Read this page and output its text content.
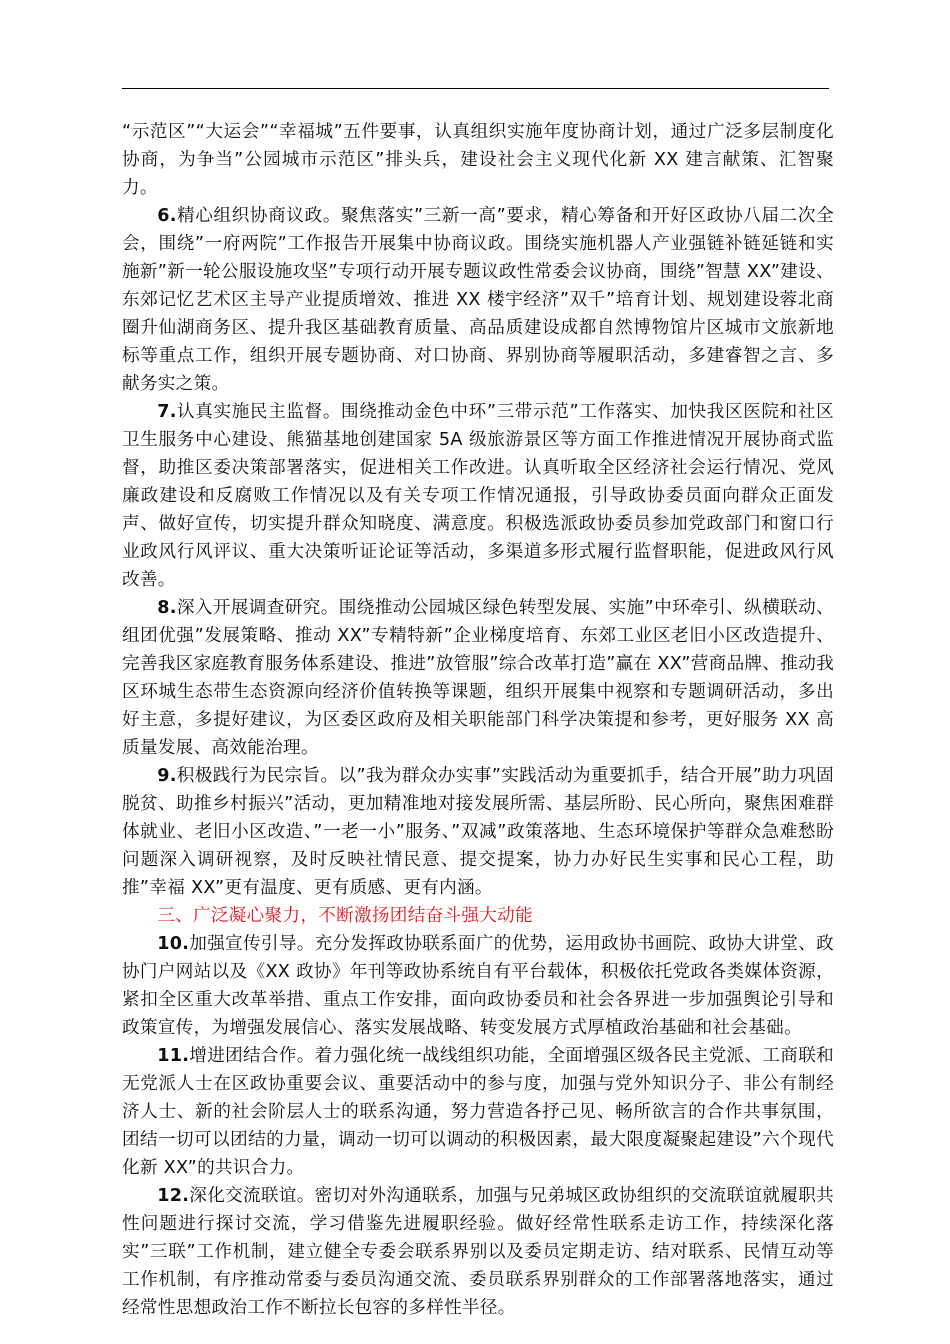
“示范区”“大运会”“幸福城”五件要事，认真组织实施年度协商计划，通过广泛多层制度化协商，为争当”公园城市示范区”排头兵，建设社会主义现代化新 XX 建言献策、汇智聚力。

6.精心组织协商议政。聚焦落实”三新一高”要求，精心筹备和开好区政协八届二次全会，围绕”一府两院”工作报告开展集中协商议政。围绕实施机器人产业强链补链延链和实施新”新一轮公服设施攻坚”专项行动开展专题议政性常委会议协商，围绕”智慧 XX”建设、东郊记忆艺术区主导产业提质增效、推进 XX 楼宇经济”双千”培育计划、规划建设蓉北商圈升仙湖商务区、提升我区基础教育质量、高品质建设成都自然博物馆片区城市文旅新地标等重点工作，组织开展专题协商、对口协商、界别协商等履职活动，多建睿智之言、多献务实之策。

7.认真实施民主监督。围绕推动金色中环”三带示范”工作落实、加快我区医院和社区卫生服务中心建设、熊猫基地创建国家 5A 级旅游景区等方面工作推进情况开展协商式监督，助推区委决策部署落实，促进相关工作改进。认真听取全区经济社会运行情况、党风廉政建设和反腐败工作情况以及有关专项工作情况通报，引导政协委员面向群众正面发声、做好宣传，切实提升群众知晓度、满意度。积极选派政协委员参加党政部门和窗口行业政风行风评议、重大决策听证论证等活动，多渠道多形式履行监督职能，促进政风行风改善。

8.深入开展调查研究。围绕推动公园城区绿色转型发展、实施”中环牵引、纵横联动、组团优强”发展策略、推动 XX”专精特新”企业梯度培育、东郊工业区老旧小区改造提升、完善我区家庭教育服务体系建设、推进”放管服”综合改革打造”赢在 XX”营商品牌、推动我区环城生态带生态资源向经济价值转换等课题，组织开展集中视察和专题调研活动，多出好主意，多提好建议，为区委区政府及相关职能部门科学决策提和参考，更好服务 XX 高质量发展、高效能治理。

9.积极践行为民宗旨。以”我为群众办实事”实践活动为重要抓手，结合开展”助力巩固脱贫、助推乡村振兴”活动，更加精准地对接发展所需、基层所盼、民心所向，聚焦困难群体就业、老旧小区改造、”一老一小”服务、”双减”政策落地、生态环境保护等群众急难愁盼问题深入调研视察，及时反映社情民意、提交提案，协力办好民生实事和民心工程，助推”幸福 XX”更有温度、更有质感、更有内涵。

三、广泛凝心聚力，不断激扬团结奋斗强大动能

10.加强宣传引导。充分发挥政协联系面广的优势，运用政协书画院、政协大讲堂、政协门户网站以及《XX 政协》年刊等政协系统自有平台载体，积极依托党政各类媒体资源，紧扣全区重大改革举措、重点工作安排，面向政协委员和社会各界进一步加强舆论引导和政策宣传，为增强发展信心、落实发展战略、转变发展方式厚植政治基础和社会基础。

11.增进团结合作。着力强化统一战线组织功能，全面增强区级各民主党派、工商联和无党派人士在区政协重要会议、重要活动中的参与度，加强与党外知识分子、非公有制经济人士、新的社会阶层人士的联系沟通，努力营造各抒己见、畅所欲言的合作共事氛围，团结一切可以团结的力量，调动一切可以调动的积极因素，最大限度凝聚起建设”六个现代化新 XX”的共识合力。

12.深化交流联谊。密切对外沟通联系，加强与兄弟城区政协组织的交流联谊就履职共性问题进行探讨交流，学习借鉴先进履职经验。做好经常性联系走访工作，持续深化落实”三联”工作机制，建立健全专委会联系界别以及委员定期走访、结对联系、民情互动等工作机制，有序推动常委与委员沟通交流、委员联系界别群众的工作部署落地落实，通过经常性思想政治工作不断拉长包容的多样性半径。
